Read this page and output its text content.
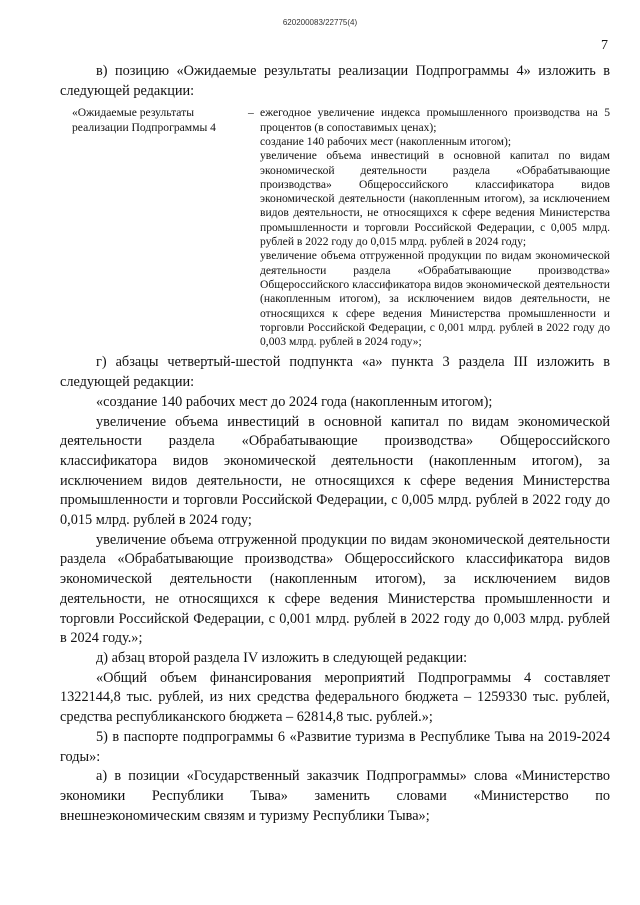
620200083/22775(4)
7

в) позицию «Ожидаемые результаты реализации Подпрограммы 4» изложить в следующей редакции:

«Ожидаемые результаты реализации Подпрограммы 4
– ежегодное увеличение индекса промышленного производства на 5 процентов (в сопоставимых ценах);
создание 140 рабочих мест (накопленным итогом);
увеличение объема инвестиций в основной капитал по видам экономической деятельности раздела «Обрабатывающие производства» Общероссийского классификатора видов экономической деятельности (накопленным итогом), за исключением видов деятельности, не относящихся к сфере ведения Министерства промышленности и торговли Российской Федерации, с 0,005 млрд. рублей в 2022 году до 0,015 млрд. рублей в 2024 году;
увеличение объема отгруженной продукции по видам экономической деятельности раздела «Обрабатывающие производства» Общероссийского классификатора видов экономической деятельности (накопленным итогом), за исключением видов деятельности, не относящихся к сфере ведения Министерства промышленности и торговли Российской Федерации, с 0,001 млрд. рублей в 2022 году до 0,003 млрд. рублей в 2024 году»;

г) абзацы четвертый-шестой подпункта «а» пункта 3 раздела III изложить в следующей редакции:

«создание 140 рабочих мест до 2024 года (накопленным итогом);

увеличение объема инвестиций в основной капитал по видам экономической деятельности раздела «Обрабатывающие производства» Общероссийского классификатора видов экономической деятельности (накопленным итогом), за исключением видов деятельности, не относящихся к сфере ведения Министерства промышленности и торговли Российской Федерации, с 0,005 млрд. рублей в 2022 году до 0,015 млрд. рублей в 2024 году;

увеличение объема отгруженной продукции по видам экономической деятельности раздела «Обрабатывающие производства» Общероссийского классификатора видов экономической деятельности (накопленным итогом), за исключением видов деятельности, не относящихся к сфере ведения Министерства промышленности и торговли Российской Федерации, с 0,001 млрд. рублей в 2022 году до 0,003 млрд. рублей в 2024 году.»;

д) абзац второй раздела IV изложить в следующей редакции:

«Общий объем финансирования мероприятий Подпрограммы 4 составляет 1322144,8 тыс. рублей, из них средства федерального бюджета – 1259330 тыс. рублей, средства республиканского бюджета – 62814,8 тыс. рублей.»;

5) в паспорте подпрограммы 6 «Развитие туризма в Республике Тыва на 2019-2024 годы»:

а) в позиции «Государственный заказчик Подпрограммы» слова «Министерство экономики Республики Тыва» заменить словами «Министерство по внешнеэкономическим связям и туризму Республики Тыва»;
